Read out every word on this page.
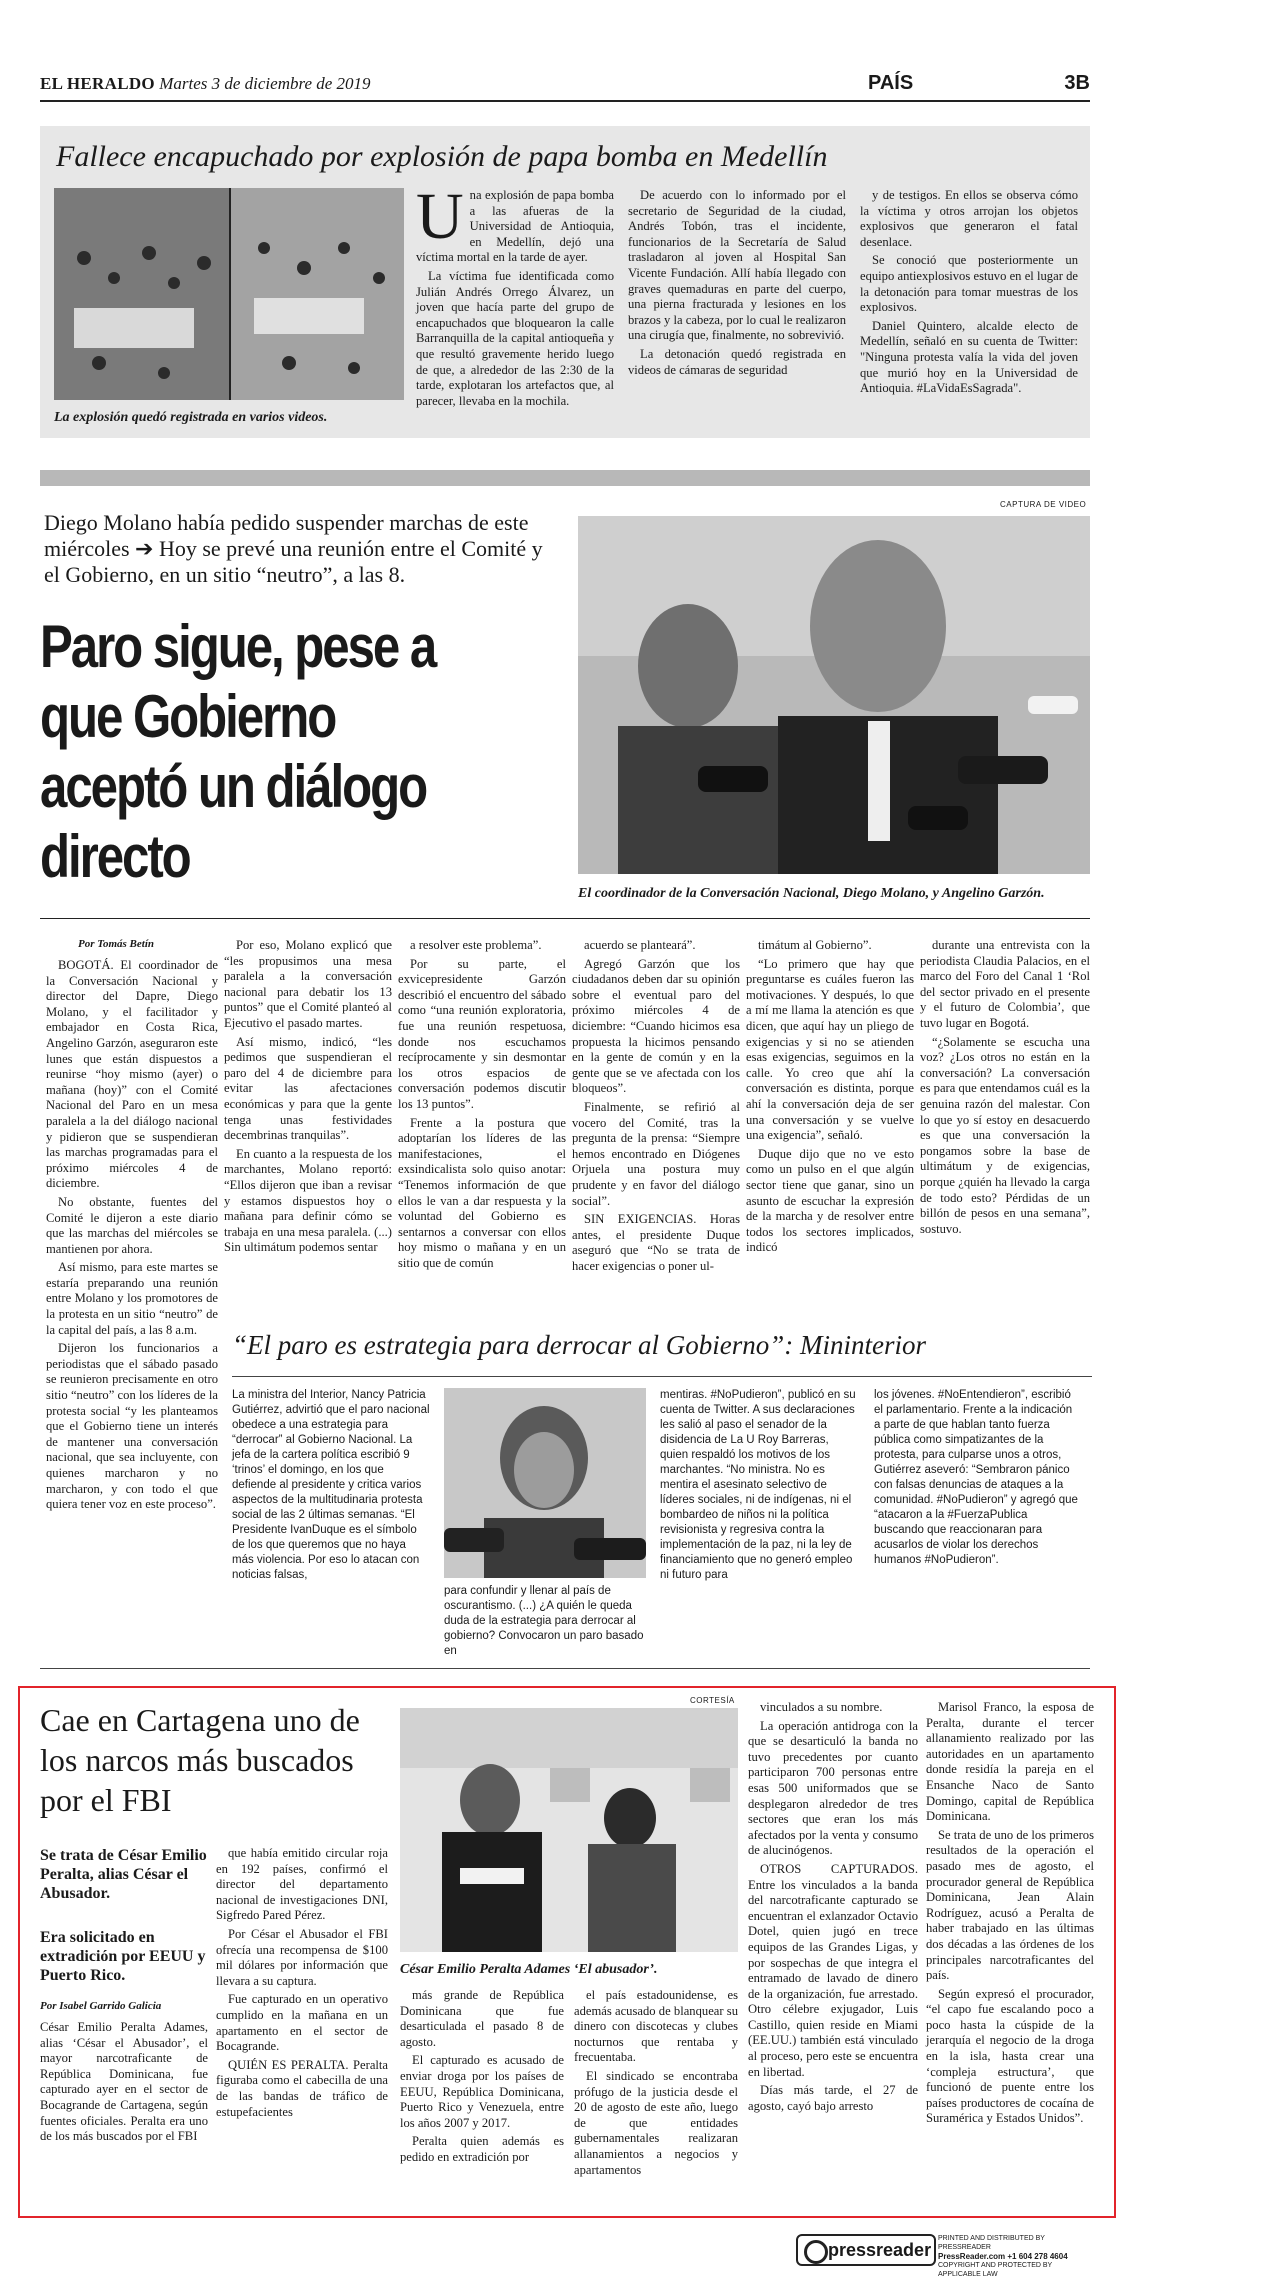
EL HERALDO Martes 3 de diciembre de 2019	PAÍS	3B
Fallece encapuchado por explosión de papa bomba en Medellín
La explosión quedó registrada en varios videos.

Una explosión de papa bomba a las afueras de la Universidad de Antioquia, en Medellín, dejó una víctima mortal en la tarde de ayer.

La víctima fue identificada como Julián Andrés Orrego Álvarez, un joven que hacía parte del grupo de encapuchados que bloquearon la calle Barranquilla de la capital antioqueña y que resultó gravemente herido luego de que, a alrededor de las 2:30 de la tarde, explotaran los artefactos que, al parecer, llevaba en la mochila.

De acuerdo con lo informado por el secretario de Seguridad de la ciudad, Andrés Tobón, tras el incidente, funcionarios de la Secretaría de Salud trasladaron al joven al Hospital San Vicente Fundación. Allí había llegado con graves quemaduras en parte del cuerpo, una pierna fracturada y lesiones en los brazos y la cabeza, por lo cual le realizaron una cirugía que, finalmente, no sobrevivió.

La detonación quedó registrada en videos de cámaras de seguridad

y de testigos. En ellos se observa cómo la víctima y otros arrojan los objetos explosivos que generaron el fatal desenlace.

Se conoció que posteriormente un equipo antiexplosivos estuvo en el lugar de la detonación para tomar muestras de los explosivos.

Daniel Quintero, alcalde electo de Medellín, señaló en su cuenta de Twitter: "Ninguna protesta valía la vida del joven que murió hoy en la Universidad de Antioquia. #LaVidaEsSagrada".

CAPTURA DE VIDEO
Diego Molano había pedido suspender marchas de este miércoles ➔ Hoy se prevé una reunión entre el Comité y el Gobierno, en un sitio “neutro”, a las 8.
Paro sigue, pese a que Gobierno aceptó un diálogo directo
El coordinador de la Conversación Nacional, Diego Molano, y Angelino Garzón.
Por Tomás Betín

BOGOTÁ. El coordinador de la Conversación Nacional y director del Dapre, Diego Molano, y el facilitador y embajador en Costa Rica, Angelino Garzón, aseguraron este lunes que están dispuestos a reunirse “hoy mismo (ayer) o mañana (hoy)” con el Comité Nacional del Paro en un mesa paralela a la del diálogo nacional y pidieron que se suspendieran las marchas programadas para el próximo miércoles 4 de diciembre.

No obstante, fuentes del Comité le dijeron a este diario que las marchas del miércoles se mantienen por ahora.

Así mismo, para este martes se estaría preparando una reunión entre Molano y los promotores de la protesta en un sitio “neutro” de la capital del país, a las 8 a.m.

Dijeron los funcionarios a periodistas que el sábado pasado se reunieron precisamente en otro sitio “neutro” con los líderes de la protesta social “y les planteamos que el Gobierno tiene un interés de mantener una conversación nacional, que sea incluyente, con quienes marcharon y no marcharon, y con todo el que quiera tener voz en este proceso”.

Por eso, Molano explicó que “les propusimos una mesa paralela a la conversación nacional para debatir los 13 puntos” que el Comité planteó al Ejecutivo el pasado martes.

Así mismo, indicó, “les pedimos que suspendieran el paro del 4 de diciembre para evitar las afectaciones económicas y para que la gente tenga unas festividades decembrinas tranquilas”.

En cuanto a la respuesta de los marchantes, Molano reportó: “Ellos dijeron que iban a revisar y estamos dispuestos hoy o mañana para definir cómo se trabaja en una mesa paralela. (...) Sin ultimátum podemos sentar

a resolver este problema”.

Por su parte, el exvicepresidente Garzón describió el encuentro del sábado como “una reunión exploratoria, fue una reunión respetuosa, donde nos escuchamos recíprocamente y sin desmontar los otros espacios de conversación podemos discutir los 13 puntos”.

Frente a la postura que adoptarían los líderes de las manifestaciones, el exsindicalista solo quiso anotar: “Tenemos información de que ellos le van a dar respuesta y la voluntad del Gobierno es sentarnos a conversar con ellos hoy mismo o mañana y en un sitio que de común

acuerdo se planteará”.

Agregó Garzón que los ciudadanos deben dar su opinión sobre el eventual paro del próximo miércoles 4 de diciembre: “Cuando hicimos esa propuesta la hicimos pensando en la gente de común y en la gente que se ve afectada con los bloqueos”.

Finalmente, se refirió al vocero del Comité, tras la pregunta de la prensa: “Siempre hemos encontrado en Diógenes Orjuela una postura muy prudente y en favor del diálogo social”.

SIN EXIGENCIAS. Horas antes, el presidente Duque aseguró que “No se trata de hacer exigencias o poner ul-

timátum al Gobierno”.

“Lo primero que hay que preguntarse es cuáles fueron las motivaciones. Y después, lo que a mí me llama la atención es que dicen, que aquí hay un pliego de exigencias y si no se atienden esas exigencias, seguimos en la calle. Yo creo que ahí la conversación es distinta, porque ahí la conversación deja de ser una conversación y se vuelve una exigencia”, señaló.

Duque dijo que no ve esto como un pulso en el que algún sector tiene que ganar, sino un asunto de escuchar la expresión de la marcha y de resolver entre todos los sectores implicados, indicó

durante una entrevista con la periodista Claudia Palacios, en el marco del Foro del Canal 1 ‘Rol del sector privado en el presente y el futuro de Colombia’, que tuvo lugar en Bogotá.

“¿Solamente se escucha una voz? ¿Los otros no están en la conversación? La conversación es para que entendamos cuál es la genuina razón del malestar. Con lo que yo sí estoy en desacuerdo es que una conversación la pongamos sobre la base de ultimátum y de exigencias, porque ¿quién ha llevado la carga de todo esto? Pérdidas de un billón de pesos en una semana”, sostuvo.

“El paro es estrategia para derrocar al Gobierno”: Mininterior

La ministra del Interior, Nancy Patricia Gutiérrez, advirtió que el paro nacional obedece a una estrategia para “derrocar” al Gobierno Nacional. La jefa de la cartera política escribió 9 ‘trinos’ el domingo, en los que defiende al presidente y critica varios aspectos de la multitudinaria protesta social de las 2 últimas semanas. “El Presidente IvanDuque es el símbolo de los que queremos que no haya más violencia. Por eso lo atacan con noticias falsas,

para confundir y llenar al país de oscurantismo. (...) ¿A quién le queda duda de la estrategia para derrocar al gobierno? Convocaron un paro basado en

mentiras. #NoPudieron”, publicó en su cuenta de Twitter. A sus declaraciones les salió al paso el senador de la disidencia de La U Roy Barreras, quien respaldó los motivos de los marchantes. “No ministra. No es mentira el asesinato selectivo de líderes sociales, ni de indígenas, ni el bombardeo de niños ni la política revisionista y regresiva contra la implementación de la paz, ni la ley de financiamiento que no generó empleo ni futuro para

los jóvenes. #NoEntendieron”, escribió el parlamentario. Frente a la indicación a parte de que hablan tanto fuerza pública como simpatizantes de la protesta, para culparse unos a otros, Gutiérrez aseveró: “Sembraron pánico con falsas denuncias de ataques a la comunidad. #NoPudieron” y agregó que “atacaron a la #FuerzaPublica buscando que reaccionaran para acusarlos de violar los derechos humanos #NoPudieron”.

Cae en Cartagena uno de los narcos más buscados por el FBI
Se trata de César Emilio Peralta, alias César el Abusador.
Era solicitado en extradición por EEUU y Puerto Rico.
Por Isabel Garrido Galicia

César Emilio Peralta Adames, alias ‘César el Abusador’, el mayor narcotraficante de República Dominicana, fue capturado ayer en el sector de Bocagrande de Cartagena, según fuentes oficiales. Peralta era uno de los más buscados por el FBI

que había emitido circular roja en 192 países, confirmó el director del departamento nacional de investigaciones DNI, Sigfredo Pared Pérez.

Por César el Abusador el FBI ofrecía una recompensa de $100 mil dólares por información que llevara a su captura.

Fue capturado en un operativo cumplido en la mañana en un apartamento en el sector de Bocagrande.

QUIÉN ES PERALTA. Peralta figuraba como el cabecilla de una de las bandas de tráfico de estupefacientes

CORTESÍA
César Emilio Peralta Adames ‘El abusador’.

más grande de República Dominicana que fue desarticulada el pasado 8 de agosto.

El capturado es acusado de enviar droga por los países de EEUU, República Dominicana, Puerto Rico y Venezuela, entre los años 2007 y 2017.

Peralta quien además es pedido en extradición por

el país estadounidense, es además acusado de blanquear su dinero con discotecas y clubes nocturnos que rentaba y frecuentaba.

El sindicado se encontraba prófugo de la justicia desde el 20 de agosto de este año, luego de que entidades gubernamentales realizaran allanamientos a negocios y apartamentos

vinculados a su nombre.

La operación antidroga con la que se desarticuló la banda no tuvo precedentes por cuanto participaron 700 personas entre esas 500 uniformados que se desplegaron alrededor de tres sectores que eran los más afectados por la venta y consumo de alucinógenos.

OTROS CAPTURADOS. Entre los vinculados a la banda del narcotraficante capturado se encuentran el exlanzador Octavio Dotel, quien jugó en trece equipos de las Grandes Ligas, y por sospechas de que integra el entramado de lavado de dinero de la organización, fue arrestado. Otro célebre exjugador, Luis Castillo, quien reside en Miami (EE.UU.) también está vinculado al proceso, pero este se encuentra en libertad.

Días más tarde, el 27 de agosto, cayó bajo arresto

Marisol Franco, la esposa de Peralta, durante el tercer allanamiento realizado por las autoridades en un apartamento donde residía la pareja en el Ensanche Naco de Santo Domingo, capital de República Dominicana.

Se trata de uno de los primeros resultados de la operación el pasado mes de agosto, el procurador general de República Dominicana, Jean Alain Rodríguez, acusó a Peralta de haber trabajado en las últimas dos décadas a las órdenes de los principales narcotraficantes del país.

Según expresó el procurador, “el capo fue escalando poco a poco hasta la cúspide de la jerarquía el negocio de la droga en la isla, hasta crear una ‘compleja estructura’, que funcionó de puente entre los países productores de cocaína de Suramérica y Estados Unidos”.

pressreader
PRINTED AND DISTRIBUTED BY PRESSREADER
PressReader.com +1 604 278 4604
COPYRIGHT AND PROTECTED BY APPLICABLE LAW
